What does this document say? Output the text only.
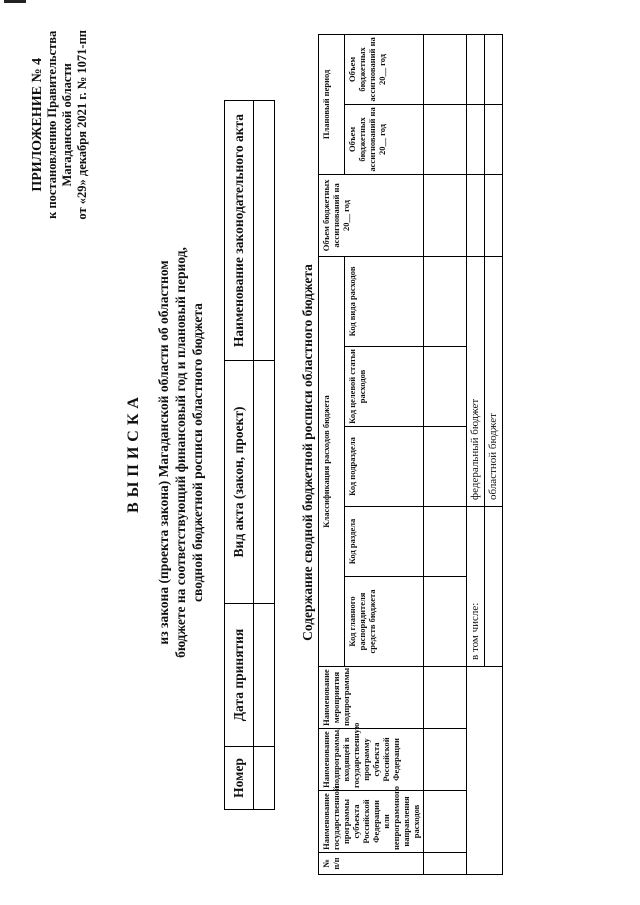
ПРИЛОЖЕНИЕ № 4 к постановлению Правительства Магаданской области от «29» декабря 2021 г. № 1071-пп
ВЫПИСКА из закона (проекта закона) Магаданской области об областном бюджете на соответствующий финансовый год и плановый период, сводной бюджетной росписи областного бюджета
Номер	Дата принятия	Вид акта (закон, проект)	Наименование законодательного акта

Содержание сводной бюджетной росписи областного бюджета
№ п/п	Наименование государственной программы субъекта Российской Федерации или непрограммного направления расходов	Наименование подпрограммы, входящей в государственную программу субъекта Российской Федерации	Наименование мероприятия подпрограммы	Классификация расходов бюджета					Объем бюджетных ассигнований на 20__ год	Плановый период	
				Код главного распорядителя средств бюджета	Код раздела	Код подраздела	Код целевой статьи расходов	Код вида расходов		Объем бюджетных ассигнований на 20__ год	Объем бюджетных ассигнований на 20__ год

				в том числе:		федеральный бюджет					
						областной бюджет					
